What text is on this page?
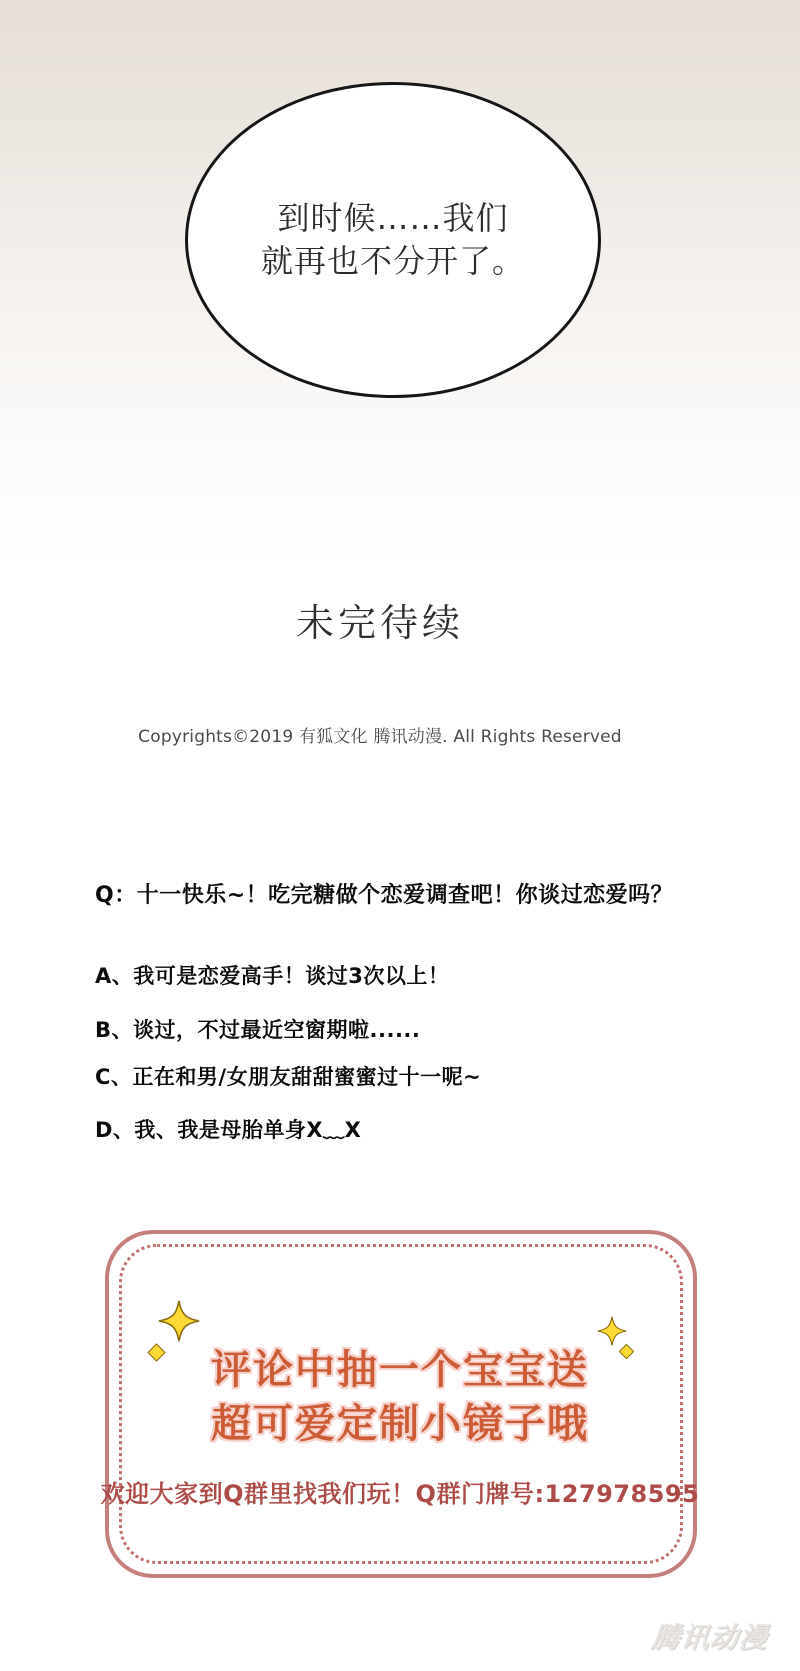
到时候……我们
就再也不分开了。
未完待续
Copyrights©2019 有狐文化 腾讯动漫. All Rights Reserved
Q：十一快乐~！吃完糖做个恋爱调查吧！你谈过恋爱吗？
A、我可是恋爱高手！谈过3次以上！
B、谈过，不过最近空窗期啦......
C、正在和男/女朋友甜甜蜜蜜过十一呢~
D、我、我是母胎单身X﹏X
评论中抽一个宝宝送
超可爱定制小镜子哦
欢迎大家到Q群里找我们玩！Q群门牌号:127978595
腾讯动漫
